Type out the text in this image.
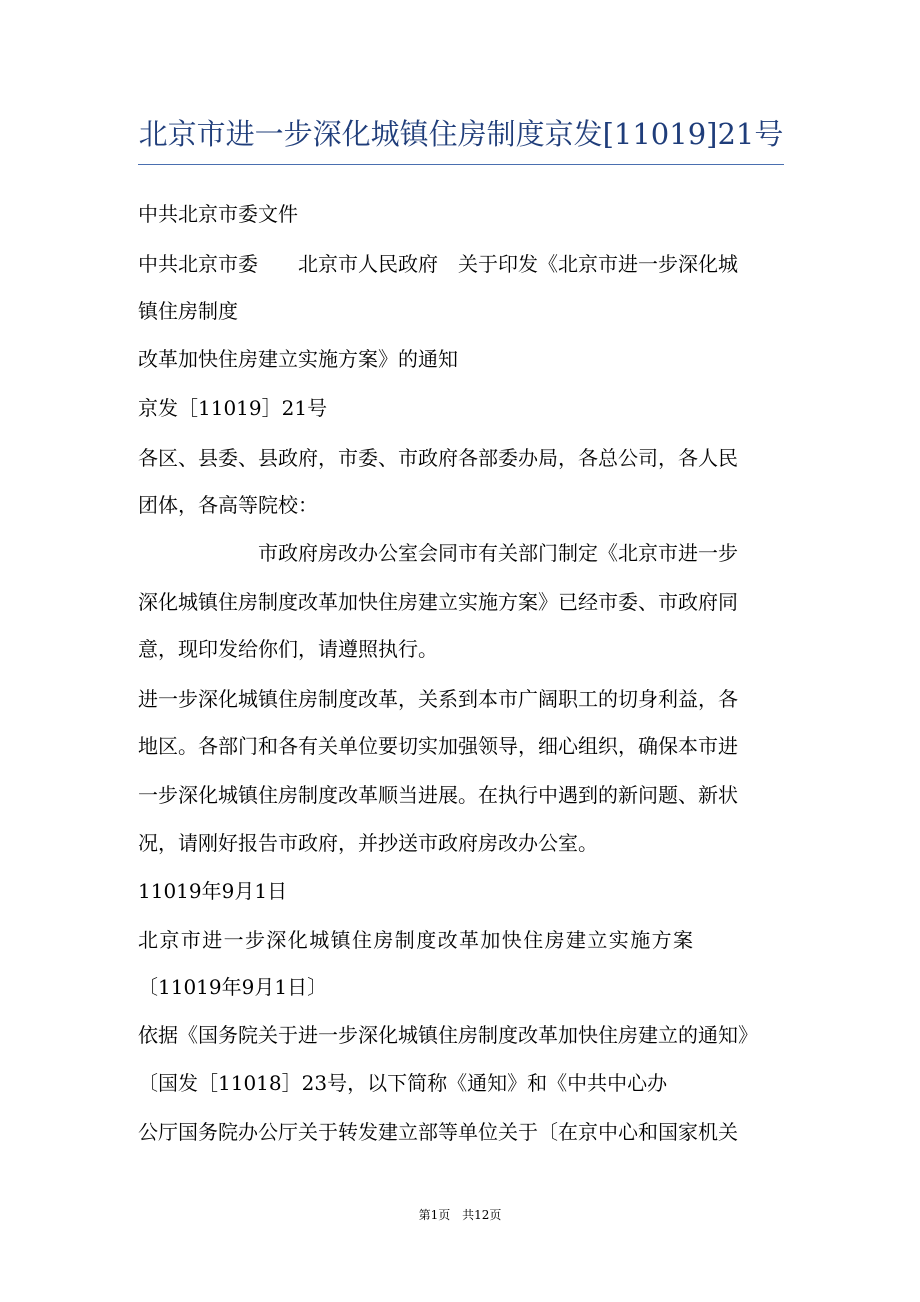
北京市进一步深化城镇住房制度京发[11019]21号
中共北京市委文件
中共北京市委　　北京市人民政府　关于印发《北京市进一步深化城
镇住房制度
改革加快住房建立实施方案》的通知
京发［11019］21号
各区、县委、县政府，市委、市政府各部委办局，各总公司，各人民
团体，各高等院校：
　　　　　　市政府房改办公室会同市有关部门制定《北京市进一步
深化城镇住房制度改革加快住房建立实施方案》已经市委、市政府同
意，现印发给你们，请遵照执行。
进一步深化城镇住房制度改革，关系到本市广阔职工的切身利益，各
地区。各部门和各有关单位要切实加强领导，细心组织，确保本市进
一步深化城镇住房制度改革顺当进展。在执行中遇到的新问题、新状
况，请刚好报告市政府，并抄送市政府房改办公室。
11019年9月1日
北京市进一步深化城镇住房制度改革加快住房建立实施方案
〔11019年9月1日〕
依据《国务院关于进一步深化城镇住房制度改革加快住房建立的通知》
〔国发［11018］23号，以下简称《通知》和《中共中心办
公厅国务院办公厅关于转发建立部等单位关于〔在京中心和国家机关
第1页 共12页
